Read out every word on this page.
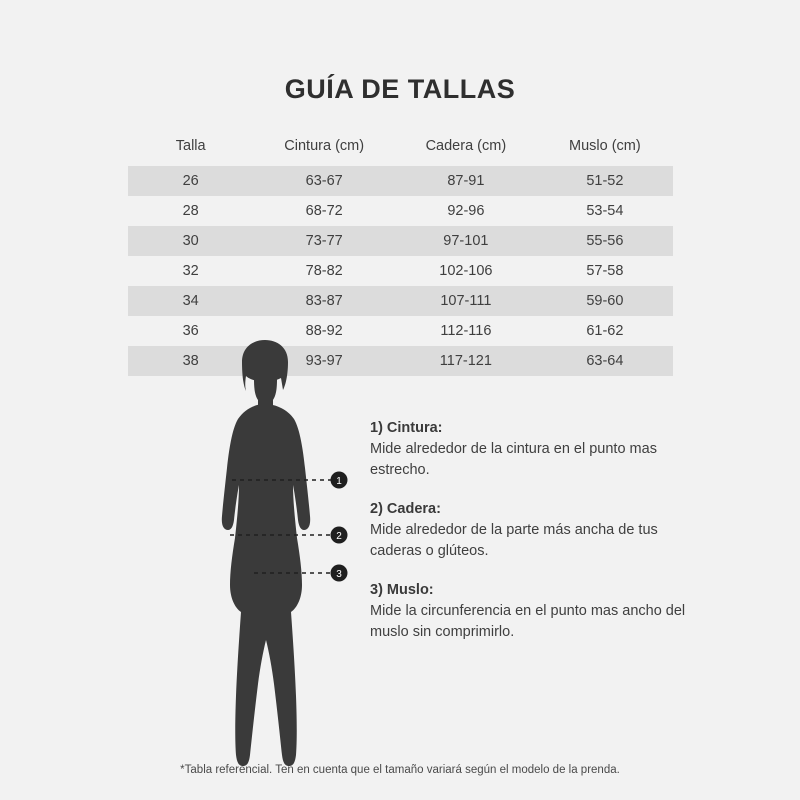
GUÍA DE TALLAS
Talla	Cintura (cm)	Cadera (cm)	Muslo (cm)
26	63-67	87-91	51-52
28	68-72	92-96	53-54
30	73-77	97-101	55-56
32	78-82	102-106	57-58
34	83-87	107-111	59-60
36	88-92	112-116	61-62
38	93-97	117-121	63-64
1
2
3
1) Cintura:
Mide alrededor de la cintura en el punto mas estrecho.
2) Cadera:
Mide alrededor de la parte más ancha de tus caderas o glúteos.
3) Muslo:
Mide la circunferencia en el punto mas ancho del muslo sin comprimirlo.
*Tabla referencial. Ten en cuenta que el tamaño variará según el modelo de la prenda.
